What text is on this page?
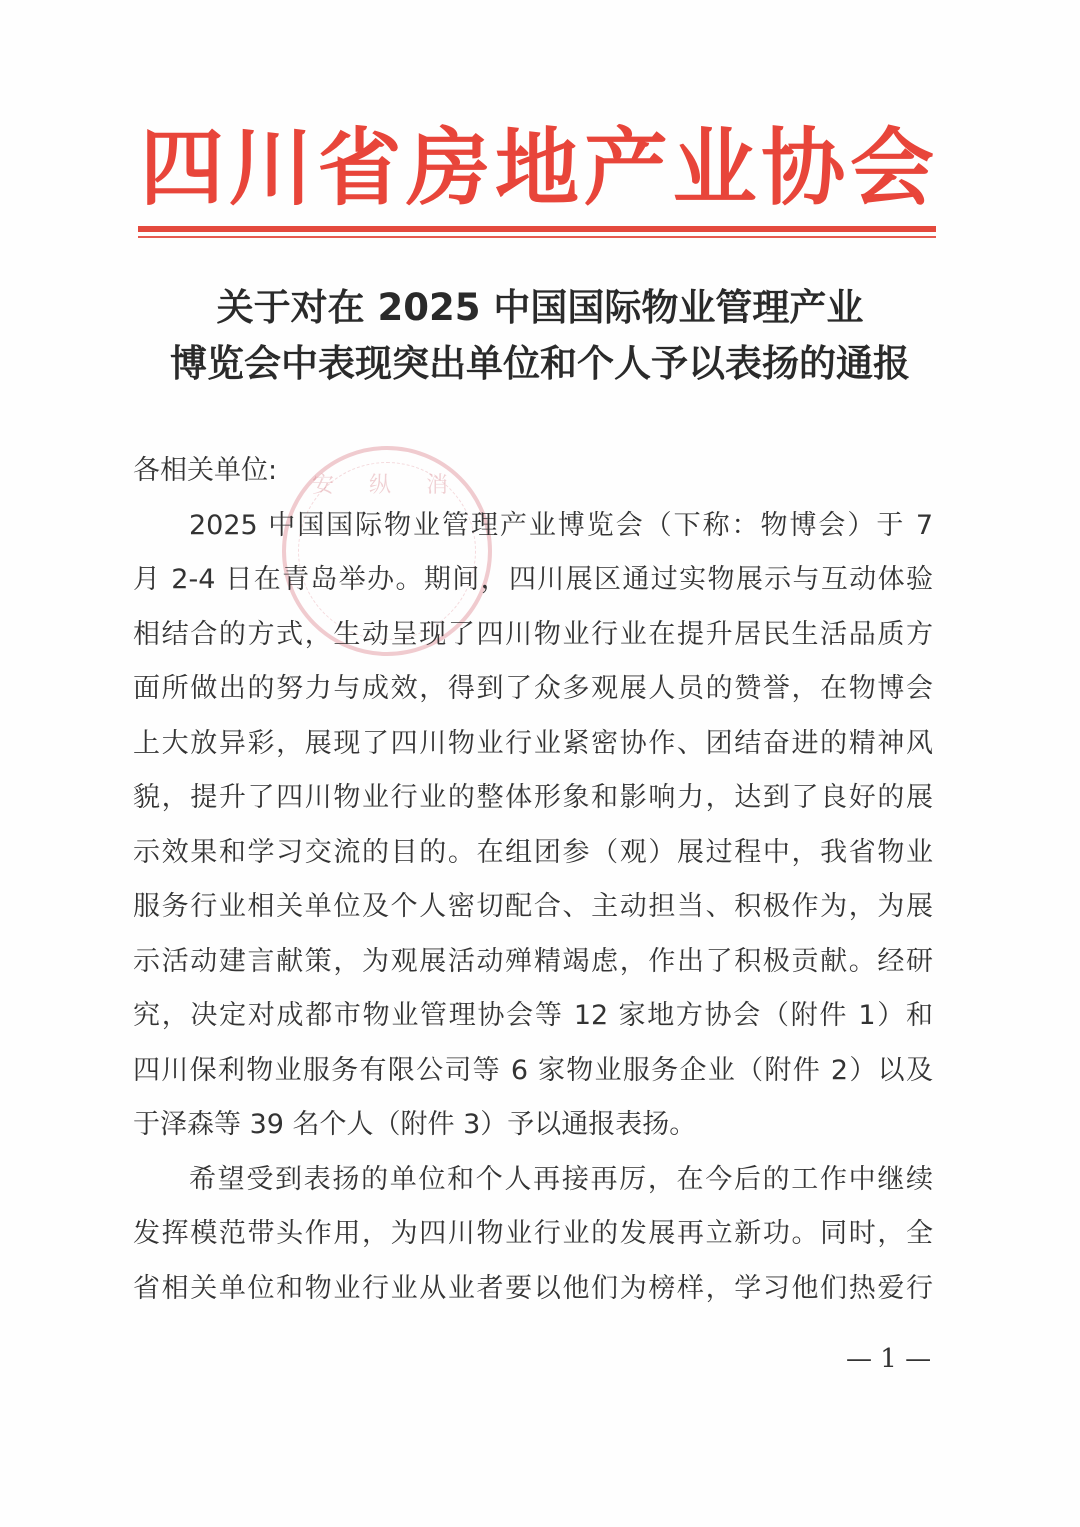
四 川 省 房 地 产 业 协 会
关于对在 2025 中国国际物业管理产业
博览会中表现突出单位和个人予以表扬的通报
安 纵 消
各相关单位:
2025 中国国际物业管理产业博览会（下称：物博会）于 7
月 2-4 日在青岛举办。期间，四川展区通过实物展示与互动体验
相结合的方式，生动呈现了四川物业行业在提升居民生活品质方
面所做出的努力与成效，得到了众多观展人员的赞誉，在物博会
上大放异彩，展现了四川物业行业紧密协作、团结奋进的精神风
貌，提升了四川物业行业的整体形象和影响力，达到了良好的展
示效果和学习交流的目的。在组团参（观）展过程中，我省物业
服务行业相关单位及个人密切配合、主动担当、积极作为，为展
示活动建言献策，为观展活动殚精竭虑，作出了积极贡献。经研
究，决定对成都市物业管理协会等 12 家地方协会（附件 1）和
四川保利物业服务有限公司等 6 家物业服务企业（附件 2）以及
于泽森等 39 名个人（附件 3）予以通报表扬。
希望受到表扬的单位和个人再接再厉，在今后的工作中继续
发挥模范带头作用，为四川物业行业的发展再立新功。同时，全
省相关单位和物业行业从业者要以他们为榜样，学习他们热爱行
— 1 —
